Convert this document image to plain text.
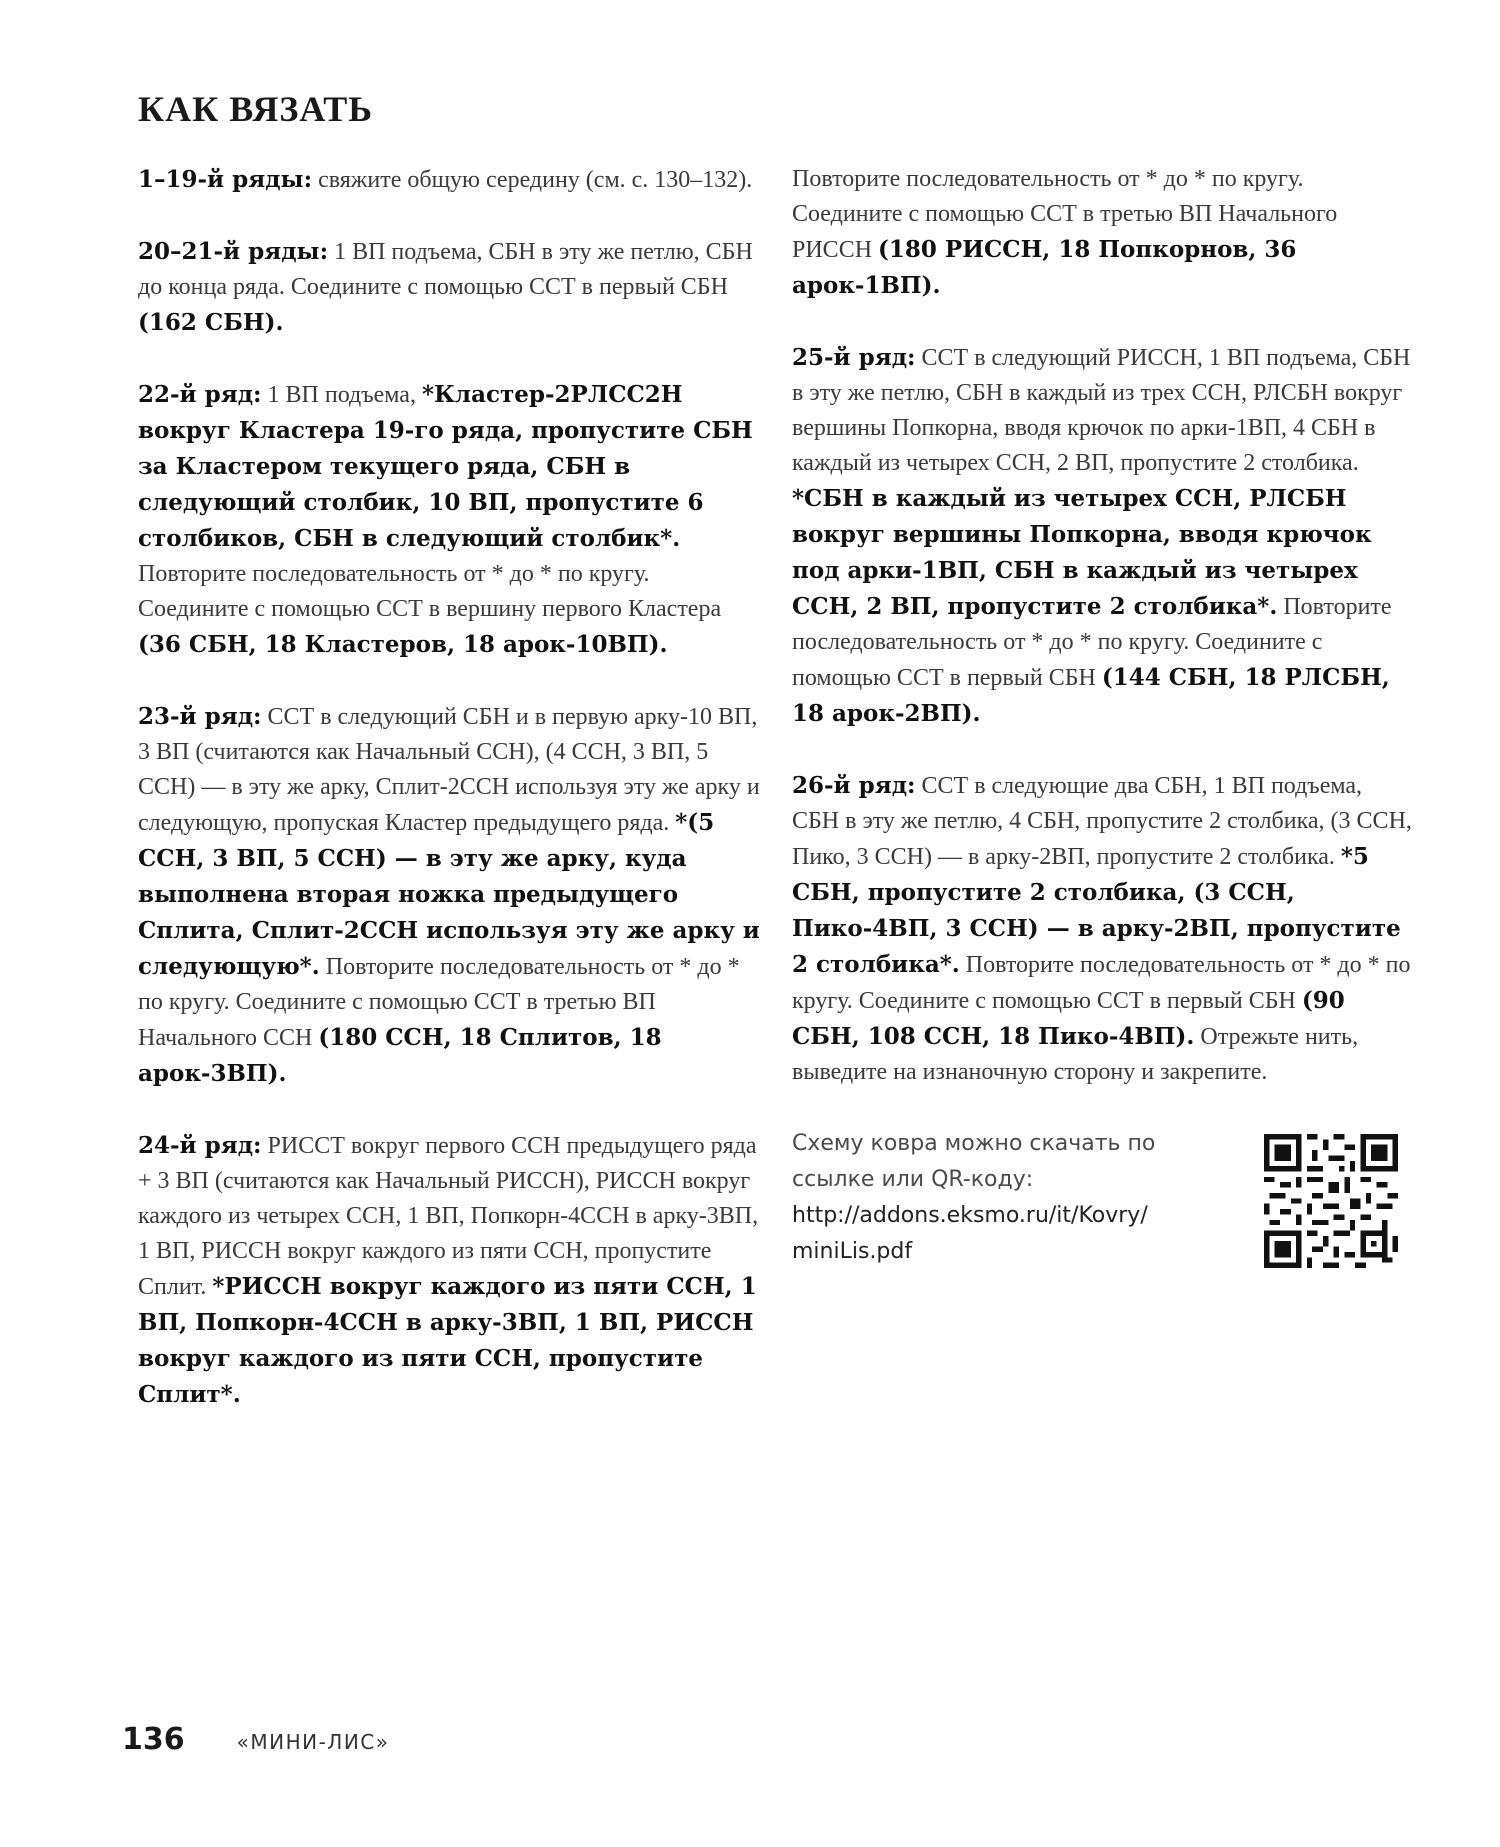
КАК ВЯЗАТЬ

1–19-й ряды: свяжите общую середину (см. с. 130–132).

20–21-й ряды: 1 ВП подъема, СБН в эту же петлю, СБН до конца ряда. Соедините с помощью ССТ в первый СБН (162 СБН).

22-й ряд: 1 ВП подъема, *Кластер-2РЛСС2Н вокруг Кластера 19-го ряда, пропустите СБН за Кластером текущего ряда, СБН в следующий столбик, 10 ВП, пропустите 6 столбиков, СБН в следующий столбик*. Повторите последовательность от * до * по кругу. Соедините с помощью ССТ в вершину первого Кластера (36 СБН, 18 Кластеров, 18 арок-10ВП).

23-й ряд: ССТ в следующий СБН и в первую арку-10 ВП, 3 ВП (считаются как Начальный ССН), (4 ССН, 3 ВП, 5 ССН) — в эту же арку, Сплит-2ССН используя эту же арку и следующую, пропуская Кластер предыдущего ряда. *(5 ССН, 3 ВП, 5 ССН) — в эту же арку, куда выполнена вторая ножка предыдущего Сплита, Сплит-2ССН используя эту же арку и следующую*. Повторите последовательность от * до * по кругу. Соедините с помощью ССТ в третью ВП Начального ССН (180 ССН, 18 Сплитов, 18 арок-3ВП).

24-й ряд: РИССТ вокруг первого ССН предыдущего ряда + 3 ВП (считаются как Начальный РИССН), РИССН вокруг каждого из четырех ССН, 1 ВП, Попкорн-4ССН в арку-3ВП, 1 ВП, РИССН вокруг каждого из пяти ССН, пропустите Сплит. *РИССН вокруг каждого из пяти ССН, 1 ВП, Попкорн-4ССН в арку-3ВП, 1 ВП, РИССН вокруг каждого из пяти ССН, пропустите Сплит*.

Повторите последовательность от * до * по кругу. Соедините с помощью ССТ в третью ВП Начального РИССН (180 РИССН, 18 Попкорнов, 36 арок-1ВП).

25-й ряд: ССТ в следующий РИССН, 1 ВП подъема, СБН в эту же петлю, СБН в каждый из трех ССН, РЛСБН вокруг вершины Попкорна, вводя крючок по арки-1ВП, 4 СБН в каждый из четырех ССН, 2 ВП, пропустите 2 столбика. *СБН в каждый из четырех ССН, РЛСБН вокруг вершины Попкорна, вводя крючок под арки-1ВП, СБН в каждый из четырех ССН, 2 ВП, пропустите 2 столбика*. Повторите последовательность от * до * по кругу. Соедините с помощью ССТ в первый СБН (144 СБН, 18 РЛСБН, 18 арок-2ВП).

26-й ряд: ССТ в следующие два СБН, 1 ВП подъема, СБН в эту же петлю, 4 СБН, пропустите 2 столбика, (3 ССН, Пико, 3 ССН) — в арку-2ВП, пропустите 2 столбика. *5 СБН, пропустите 2 столбика, (3 ССН, Пико-4ВП, 3 ССН) — в арку-2ВП, пропустите 2 столбика*. Повторите последовательность от * до * по кругу. Соедините с помощью ССТ в первый СБН (90 СБН, 108 ССН, 18 Пико-4ВП). Отрежьте нить, выведите на изнаночную сторону и закрепите.

Схему ковра можно скачать по ссылке или QR-коду:
http://addons.eksmo.ru/it/Kovry/
miniLis.pdf
136	«МИНИ-ЛИС»
